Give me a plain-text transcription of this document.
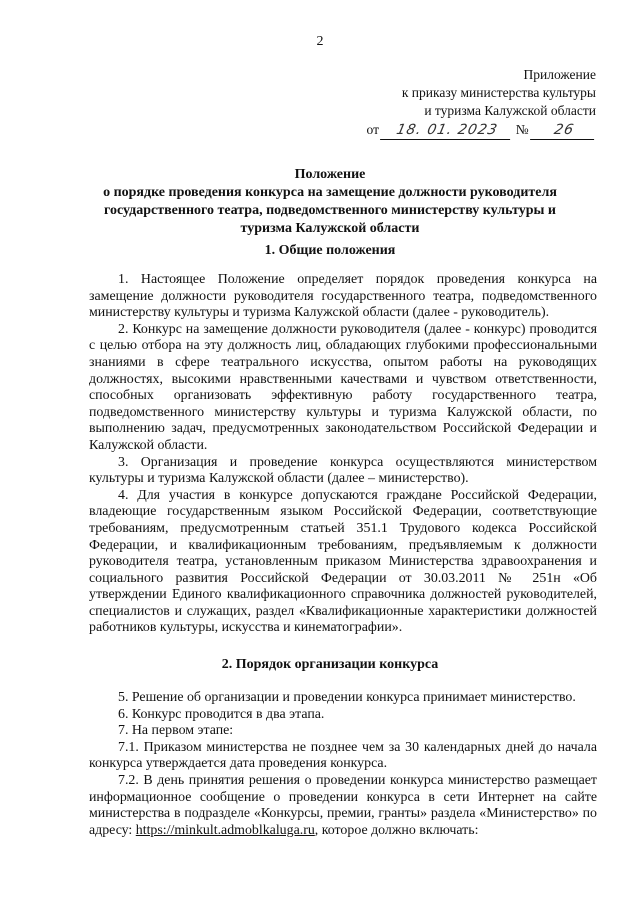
2
Приложение
к приказу министерства культуры
и туризма Калужской области
от 18. 01. 2023 № 26
Положение
о порядке проведения конкурса на замещение должности руководителя
государственного театра, подведомственного министерству культуры и
туризма Калужской области
1. Общие положения

1. Настоящее Положение определяет порядок проведения конкурса на замещение должности руководителя государственного театра, подведомственного министерству культуры и туризма Калужской области (далее - руководитель).

2. Конкурс на замещение должности руководителя (далее - конкурс) проводится с целью отбора на эту должность лиц, обладающих глубокими профессиональными знаниями в сфере театрального искусства, опытом работы на руководящих должностях, высокими нравственными качествами и чувством ответственности, способных организовать эффективную работу государственного театра, подведомственного министерству культуры и туризма Калужской области, по выполнению задач, предусмотренных законодательством Российской Федерации и Калужской области.

3. Организация и проведение конкурса осуществляются министерством культуры и туризма Калужской области (далее – министерство).

4. Для участия в конкурсе допускаются граждане Российской Федерации, владеющие государственным языком Российской Федерации, соответствующие требованиям, предусмотренным статьей 351.1 Трудового кодекса Российской Федерации, и квалификационным требованиям, предъявляемым к должности руководителя театра, установленным приказом Министерства здравоохранения и социального развития Российской Федерации от 30.03.2011 № 251н «Об утверждении Единого квалификационного справочника должностей руководителей, специалистов и служащих, раздел «Квалификационные характеристики должностей работников культуры, искусства и кинематографии».

2. Порядок организации конкурса

5. Решение об организации и проведении конкурса принимает министерство.

6. Конкурс проводится в два этапа.

7. На первом этапе:

7.1. Приказом министерства не позднее чем за 30 календарных дней до начала конкурса утверждается дата проведения конкурса.

7.2. В день принятия решения о проведении конкурса министерство размещает информационное сообщение о проведении конкурса в сети Интернет на сайте министерства в подразделе «Конкурсы, премии, гранты» раздела «Министерство» по адресу: https://minkult.admoblkaluga.ru, которое должно включать:
